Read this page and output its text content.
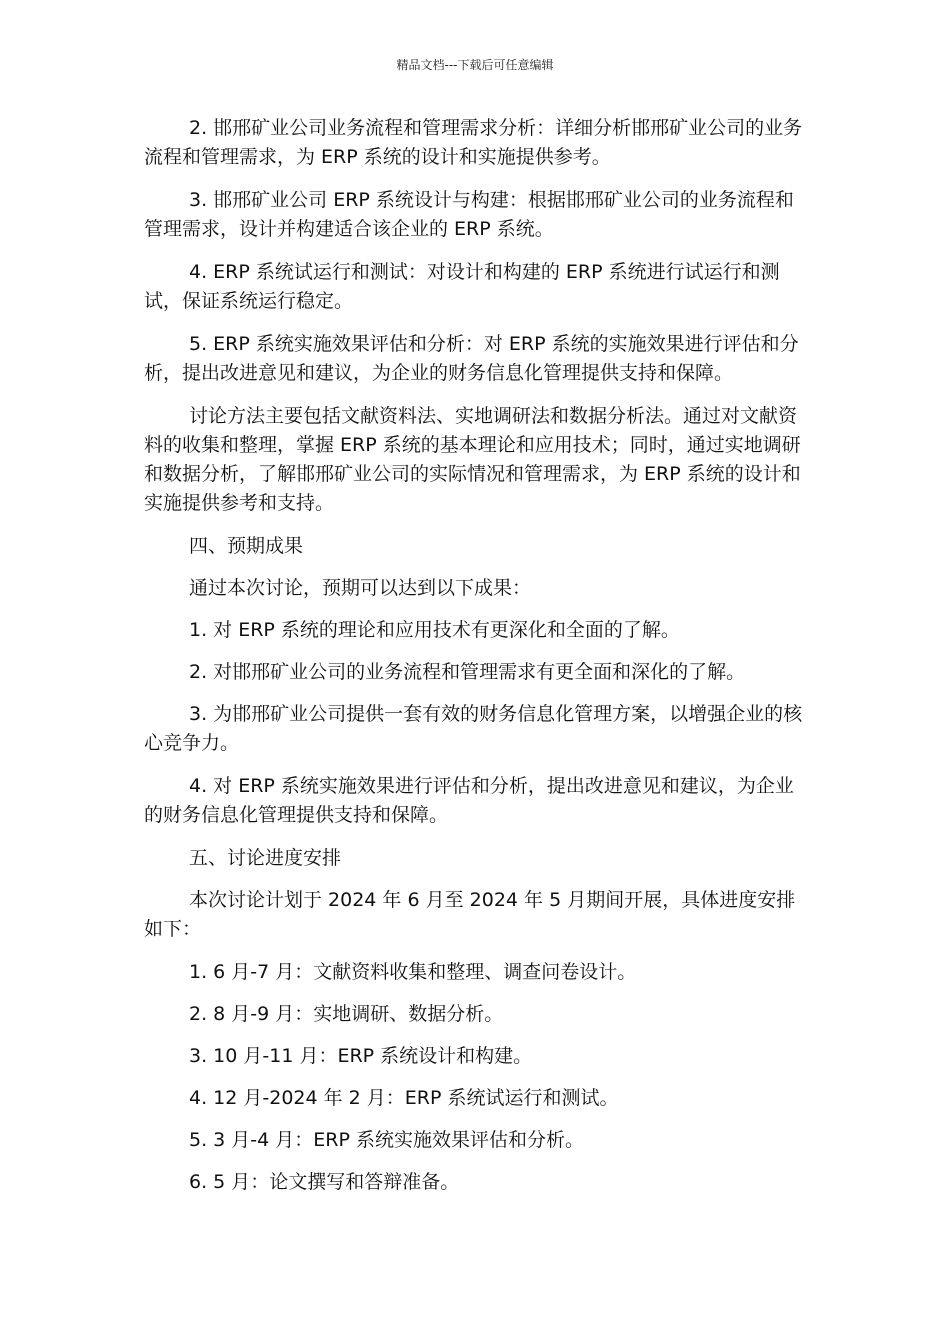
精品文档---下载后可任意编辑

2. 邯邢矿业公司业务流程和管理需求分析：详细分析邯邢矿业公司的业务流程和管理需求，为 ERP 系统的设计和实施提供参考。

3. 邯邢矿业公司 ERP 系统设计与构建：根据邯邢矿业公司的业务流程和管理需求，设计并构建适合该企业的 ERP 系统。

4. ERP 系统试运行和测试：对设计和构建的 ERP 系统进行试运行和测试，保证系统运行稳定。

5. ERP 系统实施效果评估和分析：对 ERP 系统的实施效果进行评估和分析，提出改进意见和建议，为企业的财务信息化管理提供支持和保障。

讨论方法主要包括文献资料法、实地调研法和数据分析法。通过对文献资料的收集和整理，掌握 ERP 系统的基本理论和应用技术；同时，通过实地调研和数据分析，了解邯邢矿业公司的实际情况和管理需求，为 ERP 系统的设计和实施提供参考和支持。

四、预期成果

通过本次讨论，预期可以达到以下成果：

1. 对 ERP 系统的理论和应用技术有更深化和全面的了解。

2. 对邯邢矿业公司的业务流程和管理需求有更全面和深化的了解。

3. 为邯邢矿业公司提供一套有效的财务信息化管理方案，以增强企业的核心竞争力。

4. 对 ERP 系统实施效果进行评估和分析，提出改进意见和建议，为企业的财务信息化管理提供支持和保障。

五、讨论进度安排

本次讨论计划于 2024 年 6 月至 2024 年 5 月期间开展，具体进度安排如下：

1. 6 月-7 月：文献资料收集和整理、调查问卷设计。

2. 8 月-9 月：实地调研、数据分析。

3. 10 月-11 月：ERP 系统设计和构建。

4. 12 月-2024 年 2 月：ERP 系统试运行和测试。

5. 3 月-4 月：ERP 系统实施效果评估和分析。

6. 5 月：论文撰写和答辩准备。
